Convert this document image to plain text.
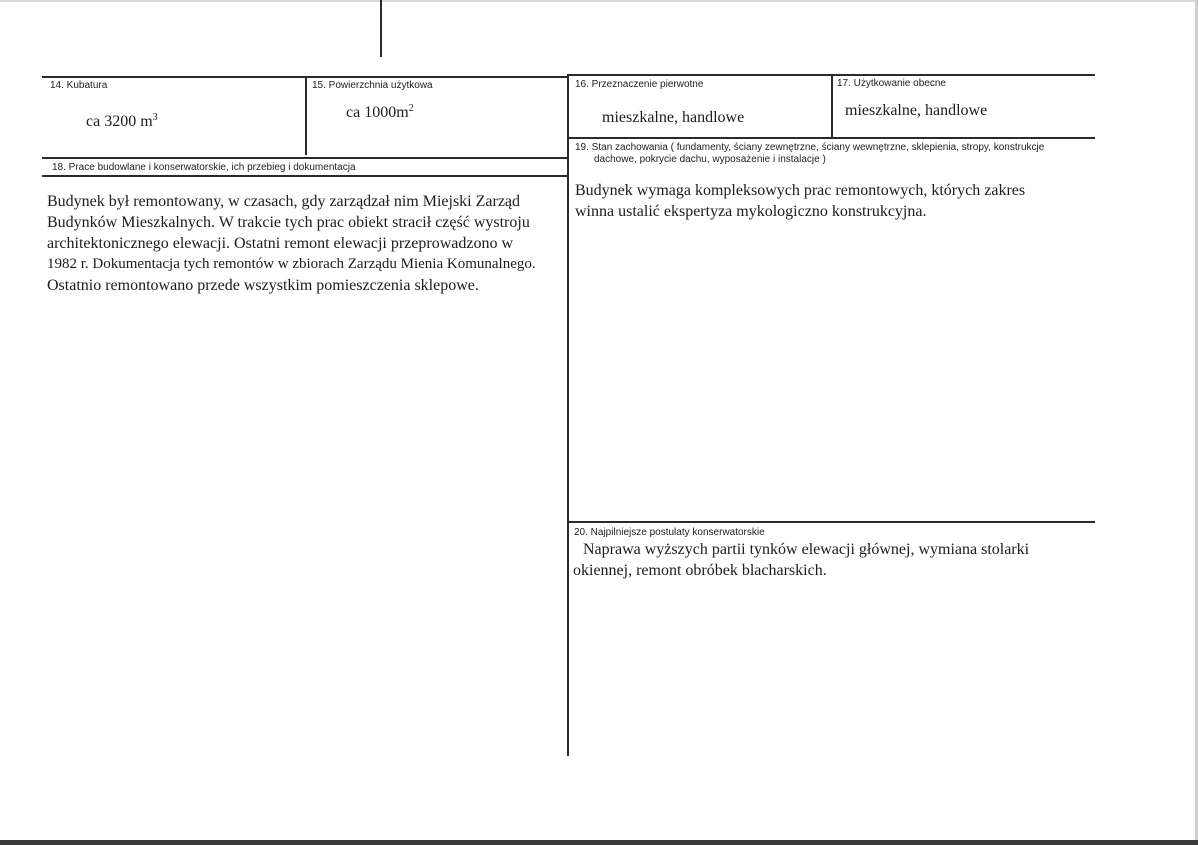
14. Kubatura
ca 3200 $m^3$
15. Powierzchnia użytkowa
ca $1000m^2$
16. Przeznaczenie pierwotne
mieszkalne, handlowe
17. Użytkowanie obecne
mieszkalne, handlowe
18. Prace budowlane i konserwatorskie, ich przebieg i dokumentacja
Budynek był remontowany, w czasach, gdy zarządzał nim Miejski Zarząd
Budynków Mieszkalnych. W trakcie tych prac obiekt stracił część wystroju
architektonicznego elewacji. Ostatni remont elewacji przeprowadzono w
1982 r. Dokumentacja tych remontów w zbiorach Zarządu Mienia Komunalnego.
Ostatnio remontowano przede wszystkim pomieszczenia sklepowe.
19. Stan zachowania ( fundamenty, ściany zewnętrzne, ściany wewnętrzne, sklepienia, stropy, konstrukcje
dachowe, pokrycie dachu, wyposażenie i instalacje )
Budynek wymaga kompleksowych prac remontowych, których zakres
winna ustalić ekspertyza mykologiczno konstrukcyjna.
20. Najpilniejsze postulaty konserwatorskie
Naprawa wyższych partii tynków elewacji głównej, wymiana stolarki
okiennej, remont obróbek blacharskich.
